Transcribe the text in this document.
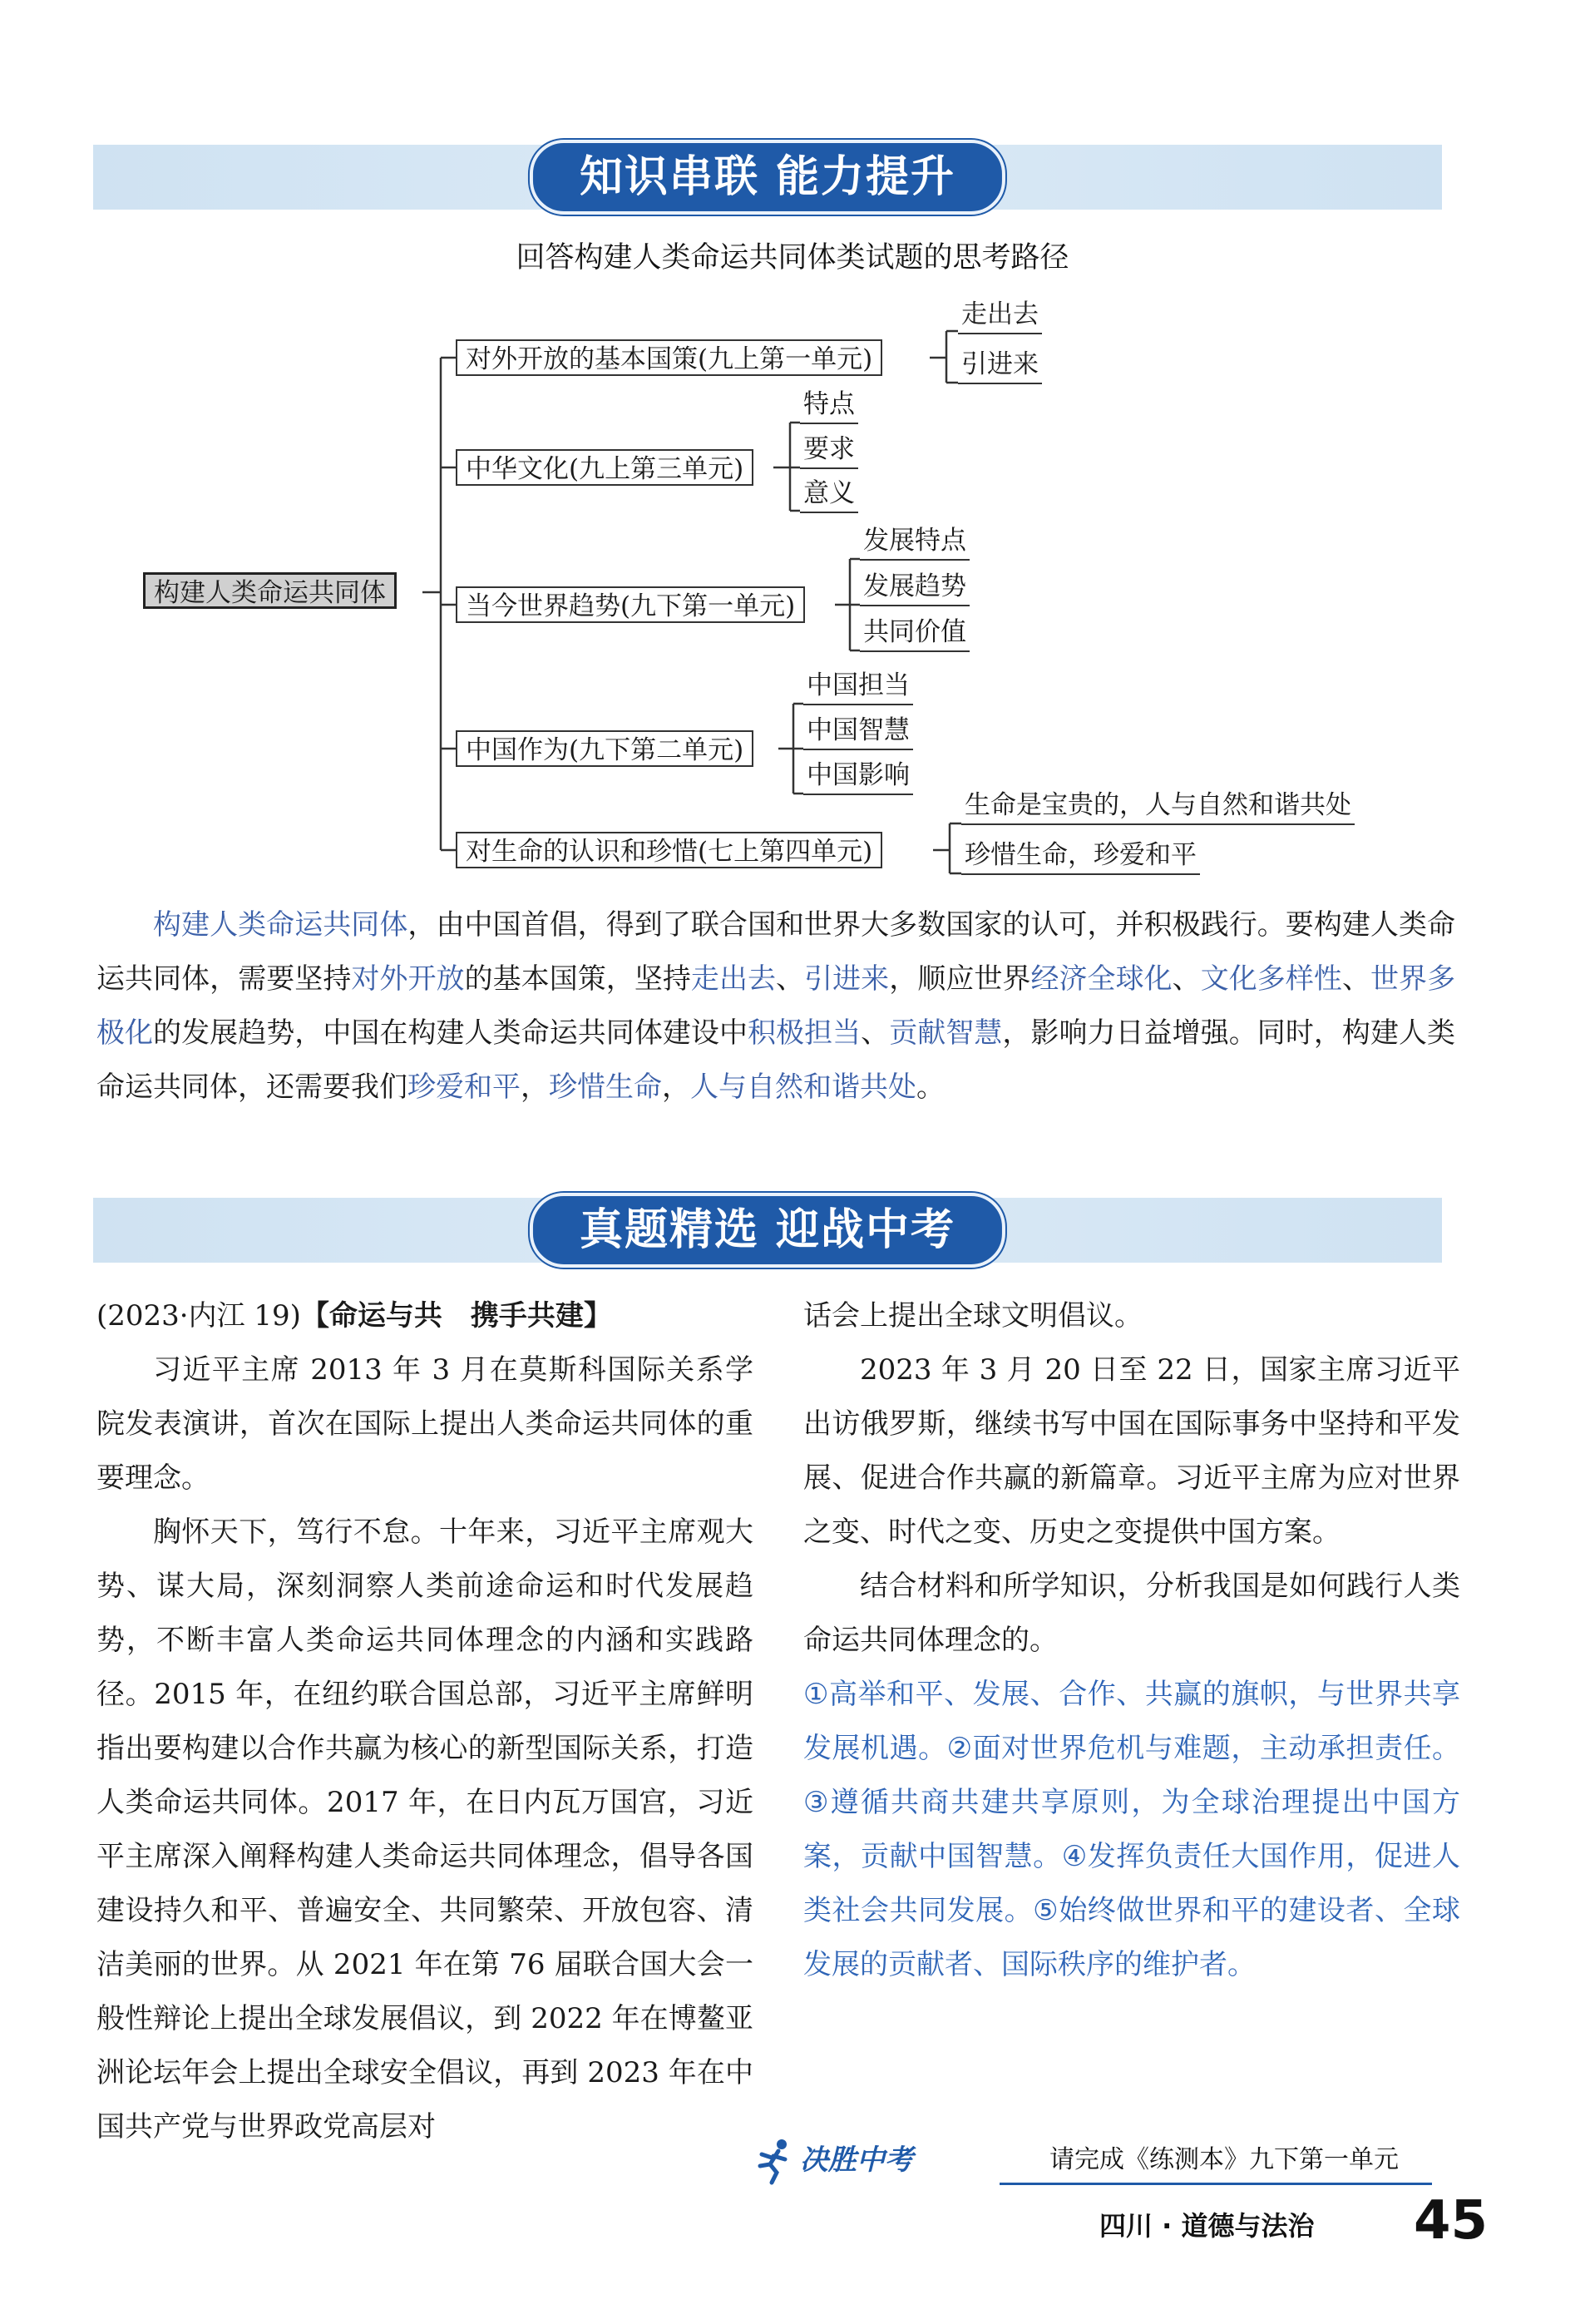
知识串联 能力提升
回答构建人类命运共同体类试题的思考路径
构建人类命运共同体
对外开放的基本国策(九上第一单元)
中华文化(九上第三单元)
当今世界趋势(九下第一单元)
中国作为(九下第二单元)
对生命的认识和珍惜(七上第四单元)
走出去
引进来
特点
要求
意义
发展特点
发展趋势
共同价值
中国担当
中国智慧
中国影响
生命是宝贵的，人与自然和谐共处
珍惜生命，珍爱和平
构建人类命运共同体，由中国首倡，得到了联合国和世界大多数国家的认可，并积极践行。要构建人类命运共同体，需要坚持对外开放的基本国策，坚持走出去、引进来，顺应世界经济全球化、文化多样性、世界多极化的发展趋势，中国在构建人类命运共同体建设中积极担当、贡献智慧，影响力日益增强。同时，构建人类命运共同体，还需要我们珍爱和平，珍惜生命，人与自然和谐共处。
真题精选 迎战中考

(2023·内江 19)【命运与共　携手共建】

习近平主席 2013 年 3 月在莫斯科国际关系学院发表演讲，首次在国际上提出人类命运共同体的重要理念。

胸怀天下，笃行不怠。十年来，习近平主席观大势、谋大局，深刻洞察人类前途命运和时代发展趋势，不断丰富人类命运共同体理念的内涵和实践路径。2015 年，在纽约联合国总部，习近平主席鲜明指出要构建以合作共赢为核心的新型国际关系，打造人类命运共同体。2017 年，在日内瓦万国宫，习近平主席深入阐释构建人类命运共同体理念，倡导各国建设持久和平、普遍安全、共同繁荣、开放包容、清洁美丽的世界。从 2021 年在第 76 届联合国大会一般性辩论上提出全球发展倡议，到 2022 年在博鳌亚洲论坛年会上提出全球安全倡议，再到 2023 年在中国共产党与世界政党高层对

话会上提出全球文明倡议。

2023 年 3 月 20 日至 22 日，国家主席习近平出访俄罗斯，继续书写中国在国际事务中坚持和平发展、促进合作共赢的新篇章。习近平主席为应对世界之变、时代之变、历史之变提供中国方案。

结合材料和所学知识，分析我国是如何践行人类命运共同体理念的。

①高举和平、发展、合作、共赢的旗帜，与世界共享发展机遇。②面对世界危机与难题，主动承担责任。③遵循共商共建共享原则，为全球治理提出中国方案，贡献中国智慧。④发挥负责任大国作用，促进人类社会共同发展。⑤始终做世界和平的建设者、全球发展的贡献者、国际秩序的维护者。

决胜中考	请完成《练测本》九下第一单元
四川 · 道德与法治 45
